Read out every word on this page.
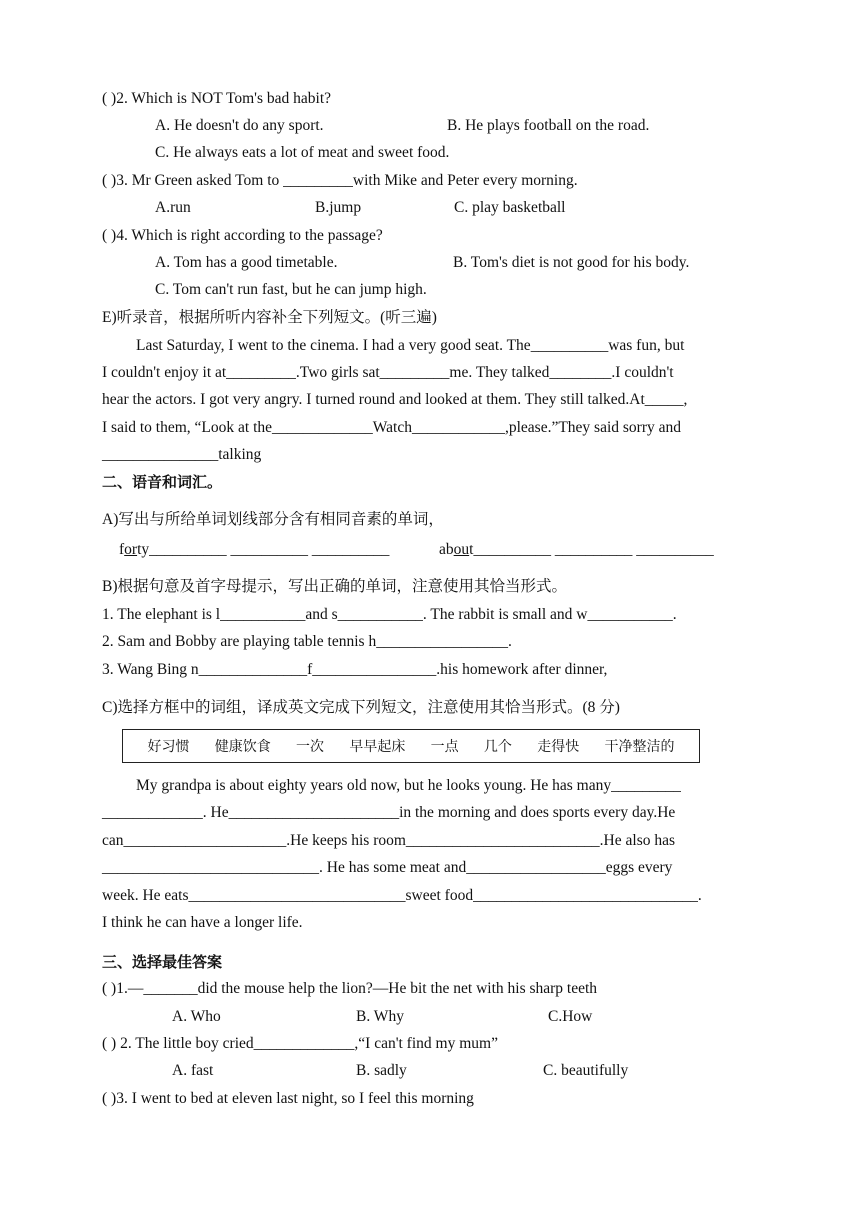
( )2. Which is NOT Tom's bad habit?
A. He doesn't do any sport.	B. He plays football on the road.
C. He always eats a lot of meat and sweet food.
( )3. Mr Green asked Tom to _________with Mike and Peter every morning.
A.run	B.jump	C. play basketball
( )4. Which is right according to the passage?
A. Tom has a good timetable.	B. Tom's diet is not good for his body.
C. Tom can't run fast, but he can jump high.
E)听录音，根据所听内容补全下列短文。(听三遍)
Last Saturday, I went to the cinema. I had a very good seat. The__________was fun, but
I couldn't enjoy it at_________.Two girls sat_________me. They talked________.I couldn't
hear the actors. I got very angry. I turned round and looked at them. They still talked.At_____,
I said to them, “Look at the_____________Watch____________,please.”They said sorry and
_______________talking
二、语音和词汇。
A)写出与所给单词划线部分含有相同音素的单词，
forty__________ __________ __________	about__________ __________ __________
B)根据句意及首字母提示，写出正确的单词，注意使用其恰当形式。
1. The elephant is l___________and s___________. The rabbit is small and w___________.
2. Sam and Bobby are playing table tennis h_________________.
3. Wang Bing n______________f________________.his homework after dinner,
C)选择方框中的词组，译成英文完成下列短文，注意使用其恰当形式。(8 分)
好习惯   健康饮食   一次   早早起床   一点   几个   走得快   干净整洁的
My grandpa is about eighty years old now, but he looks young. He has many_________
_____________. He______________________in the morning and does sports every day.He
can_____________________.He keeps his room_________________________.He also has
____________________________. He has some meat and__________________eggs every
week. He eats____________________________sweet food_____________________________.
I think he can have a longer life.
三、选择最佳答案
( )1.—_______did the mouse help the lion?—He bit the net with his sharp teeth
A. Who	B. Why	C.How
( ) 2. The little boy cried_____________,“I can't find my mum”
A. fast	B. sadly	C. beautifully
( )3. I went to bed at eleven last night, so I feel this morning
